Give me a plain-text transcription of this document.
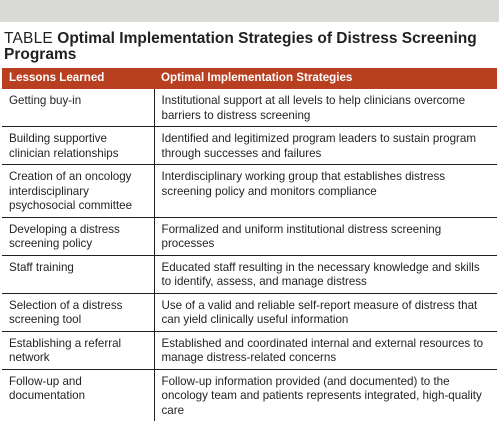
TABLE Optimal Implementation Strategies of Distress Screening Programs
Lessons Learned	Optimal Implementation Strategies
Getting buy-in	Institutional support at all levels to help clinicians overcome barriers to distress screening
Building supportive clinician relationships	Identified and legitimized program leaders to sustain program through successes and failures
Creation of an oncology interdisciplinary psychosocial committee	Interdisciplinary working group that establishes distress screening policy and monitors compliance
Developing a distress screening policy	Formalized and uniform institutional distress screening processes
Staff training	Educated staff resulting in the necessary knowledge and skills to identify, assess, and manage distress
Selection of a distress screening tool	Use of a valid and reliable self-report measure of distress that can yield clinically useful information
Establishing a referral network	Established and coordinated internal and external resources to manage distress-related concerns
Follow-up and documentation	Follow-up information provided (and documented) to the oncology team and patients represents integrated, high-quality care
